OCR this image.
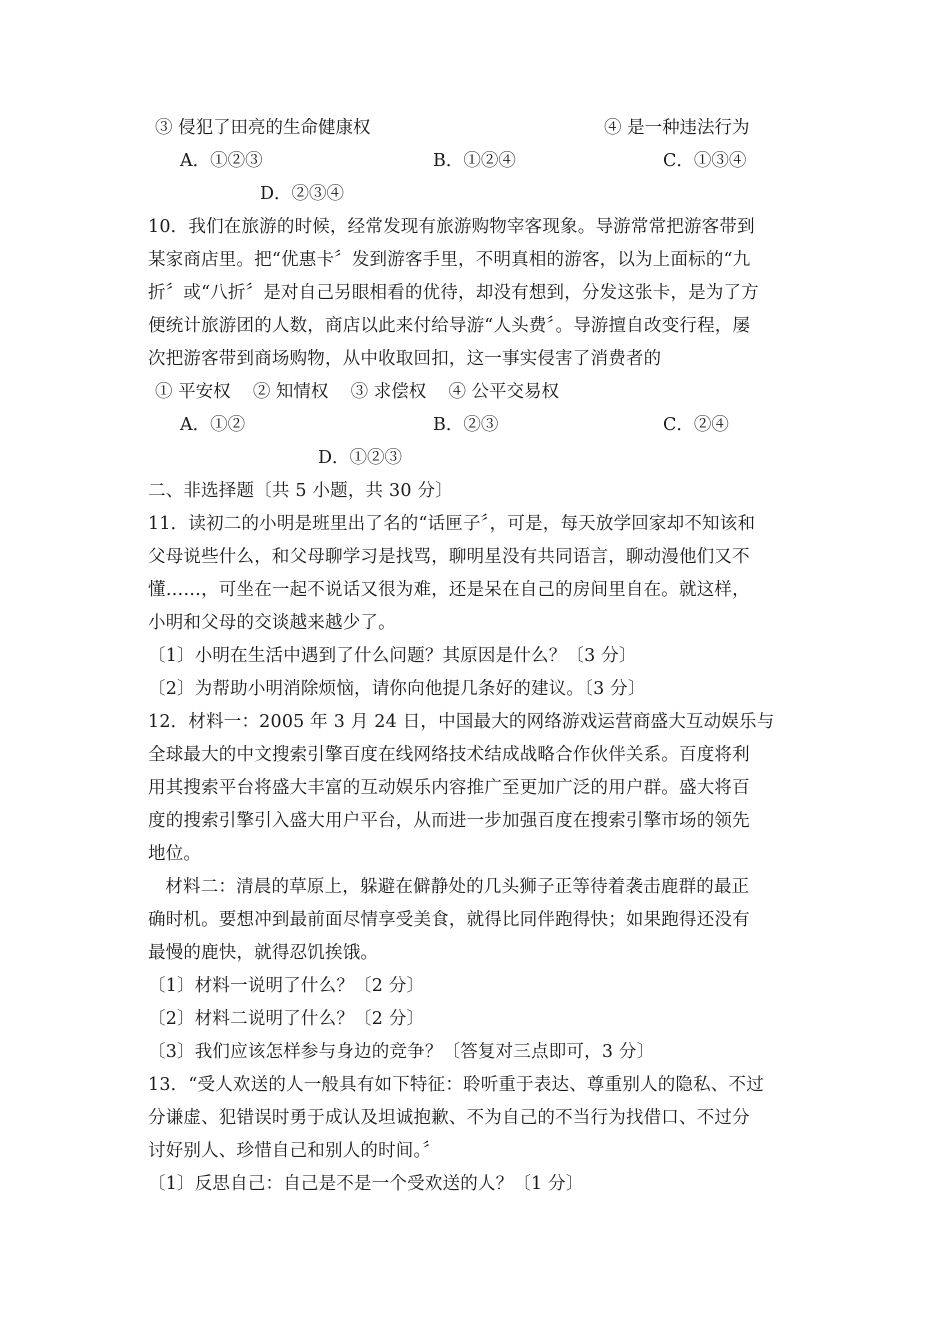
③ 侵犯了田亮的生命健康权	④ 是一种违法行为
A．①②③	B．①②④	C．①③④
D．②③④
10．我们在旅游的时候，经常发现有旅游购物宰客现象。导游常常把游客带到
某家商店里。把“优惠卡〞发到游客手里，不明真相的游客，以为上面标的“九
折〞或“八折〞是对自己另眼相看的优待，却没有想到，分发这张卡，是为了方
便统计旅游团的人数，商店以此来付给导游“人头费〞。导游擅自改变行程，屡
次把游客带到商场购物，从中收取回扣，这一事实侵害了消费者的
① 平安权    ② 知情权    ③ 求偿权    ④ 公平交易权
A．①②	B．②③	C．②④
D．①②③
二、非选择题〔共 5 小题，共 30 分〕
11．读初二的小明是班里出了名的“话匣子〞，可是，每天放学回家却不知该和
父母说些什么，和父母聊学习是找骂，聊明星没有共同语言，聊动漫他们又不
懂……，可坐在一起不说话又很为难，还是呆在自己的房间里自在。就这样，
小明和父母的交谈越来越少了。
〔1〕小明在生活中遇到了什么问题？其原因是什么？〔3 分〕
〔2〕为帮助小明消除烦恼，请你向他提几条好的建议。〔3 分〕
12．材料一：2005 年 3 月 24 日，中国最大的网络游戏运营商盛大互动娱乐与
全球最大的中文搜索引擎百度在线网络技术结成战略合作伙伴关系。百度将利
用其搜索平台将盛大丰富的互动娱乐内容推广至更加广泛的用户群。盛大将百
度的搜索引擎引入盛大用户平台，从而进一步加强百度在搜索引擎市场的领先
地位。
材料二：清晨的草原上，躲避在僻静处的几头狮子正等待着袭击鹿群的最正
确时机。要想冲到最前面尽情享受美食，就得比同伴跑得快；如果跑得还没有
最慢的鹿快，就得忍饥挨饿。
〔1〕材料一说明了什么？〔2 分〕
〔2〕材料二说明了什么？〔2 分〕
〔3〕我们应该怎样参与身边的竞争？〔答复对三点即可，3 分〕
13．“受人欢送的人一般具有如下特征：聆听重于表达、尊重别人的隐私、不过
分谦虚、犯错误时勇于成认及坦诚抱歉、不为自己的不当行为找借口、不过分
讨好别人、珍惜自己和别人的时间。〞
〔1〕反思自己：自己是不是一个受欢送的人？〔1 分〕
